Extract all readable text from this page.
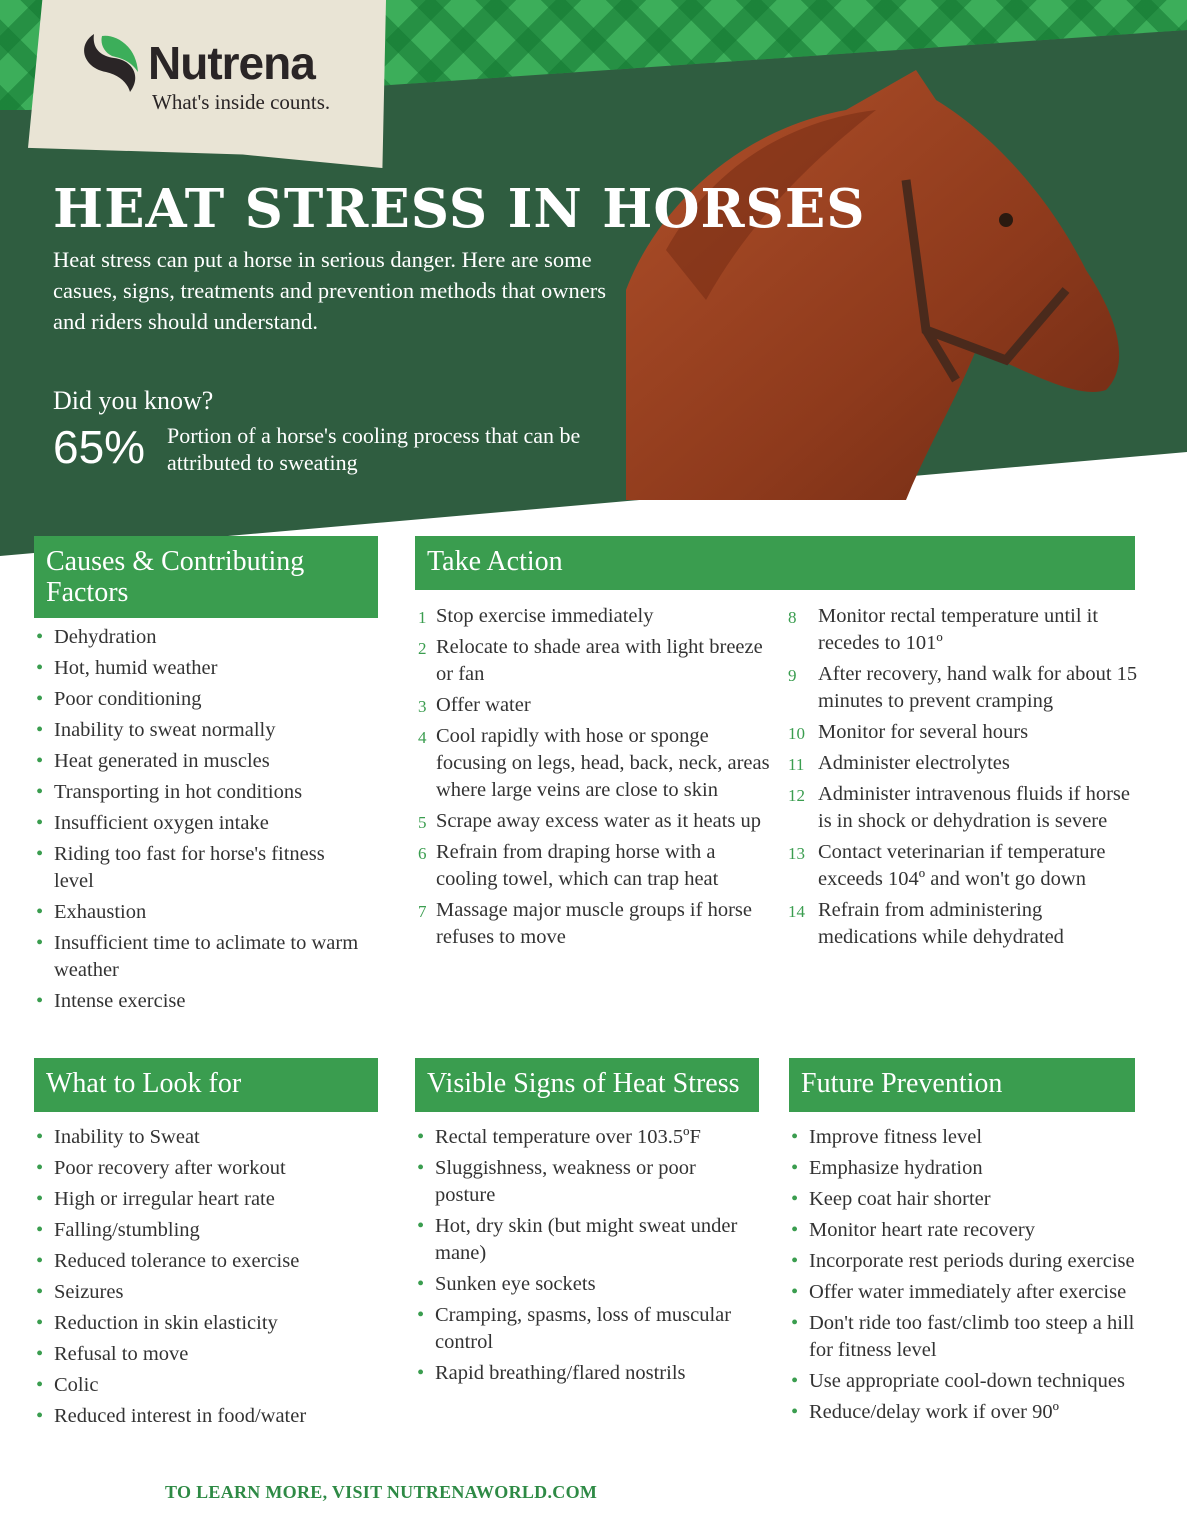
Nutrena
What's inside counts.
HEAT STRESS IN HORSES

Heat stress can put a horse in serious danger. Here are some casues, signs, treatments and prevention methods that owners and riders should understand.

Did you know?
65% Portion of a horse's cooling process that can be attributed to sweating

Causes & Contributing Factors
• Dehydration
• Hot, humid weather
• Poor conditioning
• Inability to sweat normally
• Heat generated in muscles
• Transporting in hot conditions
• Insufficient oxygen intake
• Riding too fast for horse's fitness level
• Exhaustion
• Insufficient time to aclimate to warm weather
• Intense exercise
Take Action
1 Stop exercise immediately
2 Relocate to shade area with light breeze or fan
3 Offer water
4 Cool rapidly with hose or sponge focusing on legs, head, back, neck, areas where large veins are close to skin
5 Scrape away excess water as it heats up
6 Refrain from draping horse with a cooling towel, which can trap heat
7 Massage major muscle groups if horse refuses to move
8 Monitor rectal temperature until it recedes to 101º
9 After recovery, hand walk for about 15 minutes to prevent cramping
10 Monitor for several hours
11 Administer electrolytes
12 Administer intravenous fluids if horse is in shock or dehydration is severe
13 Contact veterinarian if temperature exceeds 104º and won't go down
14 Refrain from administering medications while dehydrated
What to Look for
• Inability to Sweat
• Poor recovery after workout
• High or irregular heart rate
• Falling/stumbling
• Reduced tolerance to exercise
• Seizures
• Reduction in skin elasticity
• Refusal to move
• Colic
• Reduced interest in food/water
Visible Signs of Heat Stress
• Rectal temperature over 103.5ºF
• Sluggishness, weakness or poor posture
• Hot, dry skin (but might sweat under mane)
• Sunken eye sockets
• Cramping, spasms, loss of muscular control
• Rapid breathing/flared nostrils
Future Prevention
• Improve fitness level
• Emphasize hydration
• Keep coat hair shorter
• Monitor heart rate recovery
• Incorporate rest periods during exercise
• Offer water immediately after exercise
• Don't ride too fast/climb too steep a hill for fitness level
• Use appropriate cool-down techniques
• Reduce/delay work if over 90º
TO LEARN MORE, VISIT NUTRENAWORLD.COM
